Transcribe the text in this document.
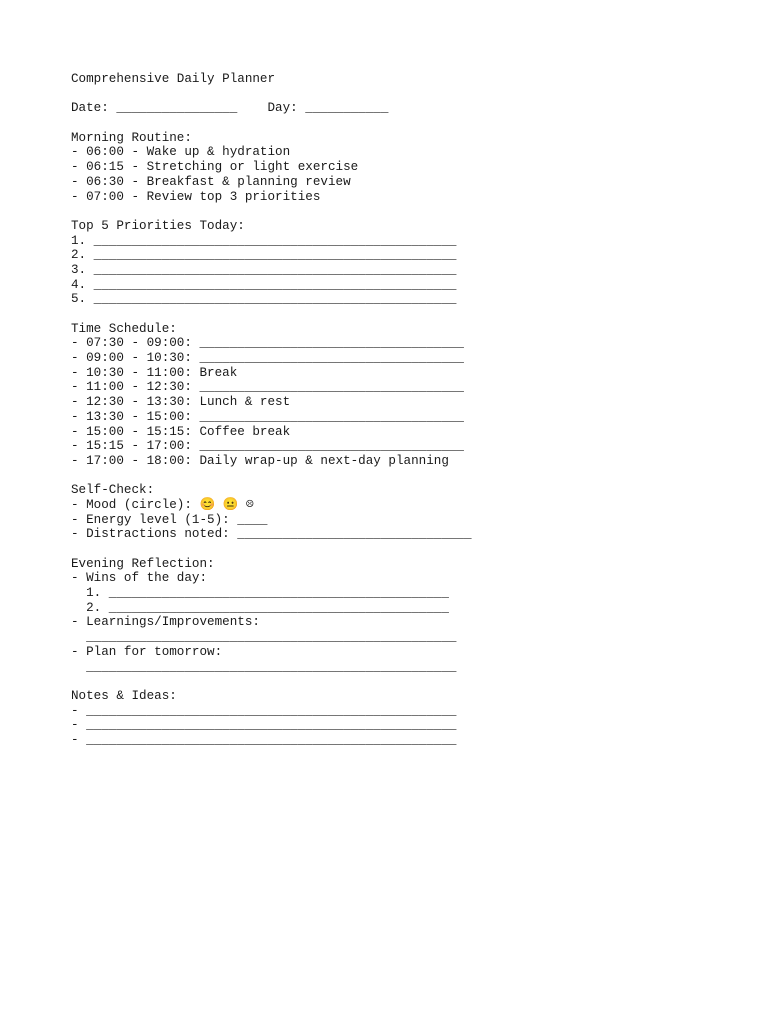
Comprehensive Daily Planner
Date: ________________    Day: ___________
Morning Routine:
- 06:00 - Wake up & hydration
- 06:15 - Stretching or light exercise
- 06:30 - Breakfast & planning review
- 07:00 - Review top 3 priorities
Top 5 Priorities Today:
1. ________________________________________________
2. ________________________________________________
3. ________________________________________________
4. ________________________________________________
5. ________________________________________________
Time Schedule:
- 07:30 - 09:00: ___________________________________
- 09:00 - 10:30: ___________________________________
- 10:30 - 11:00: Break
- 11:00 - 12:30: ___________________________________
- 12:30 - 13:30: Lunch & rest
- 13:30 - 15:00: ___________________________________
- 15:00 - 15:15: Coffee break
- 15:15 - 17:00: ___________________________________
- 17:00 - 18:00: Daily wrap-up & next-day planning
Self-Check:
- Mood (circle): 😊 😐 ☹
- Energy level (1-5): ____
- Distractions noted: _______________________________
Evening Reflection:
- Wins of the day:
1. _____________________________________________
2. _____________________________________________
- Learnings/Improvements:
_________________________________________________
- Plan for tomorrow:
_________________________________________________
Notes & Ideas:
- _________________________________________________
- _________________________________________________
- _________________________________________________
